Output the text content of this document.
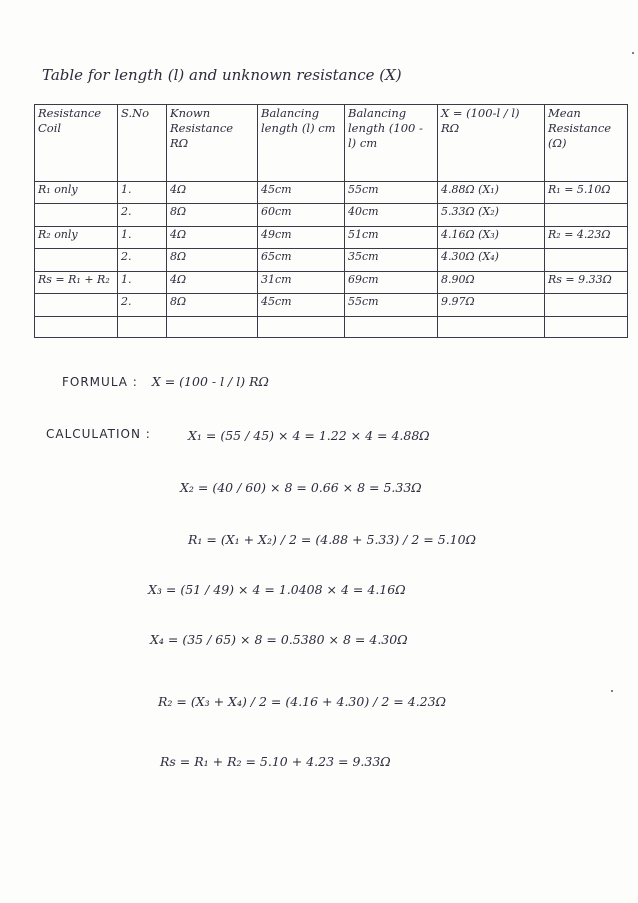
Table for length (l) and unknown resistance (X)
Resistance Coil	S.No	Known Resistance RΩ	Balancing length (l) cm	Balancing length (100 - l) cm	X = (100-l / l) RΩ	Mean Resistance (Ω)
R₁ only	1.	4Ω	45cm	55cm	4.88Ω (X₁)	R₁ = 5.10Ω
	2.	8Ω	60cm	40cm	5.33Ω (X₂)	
R₂ only	1.	4Ω	49cm	51cm	4.16Ω (X₃)	R₂ = 4.23Ω
	2.	8Ω	65cm	35cm	4.30Ω (X₄)	
Rs = R₁ + R₂	1.	4Ω	31cm	69cm	8.90Ω	Rs = 9.33Ω
	2.	8Ω	45cm	55cm	9.97Ω	

FORMULA : X = (100 - l / l) RΩ
CALCULATION :	X₁ = (55 / 45) × 4 = 1.22 × 4 = 4.88Ω
X₂ = (40 / 60) × 8 = 0.66 × 8 = 5.33Ω
R₁ = (X₁ + X₂) / 2 = (4.88 + 5.33) / 2 = 5.10Ω
X₃ = (51 / 49) × 4 = 1.0408 × 4 = 4.16Ω
X₄ = (35 / 65) × 8 = 0.5380 × 8 = 4.30Ω
R₂ = (X₃ + X₄) / 2 = (4.16 + 4.30) / 2 = 4.23Ω
Rs = R₁ + R₂ = 5.10 + 4.23 = 9.33Ω
